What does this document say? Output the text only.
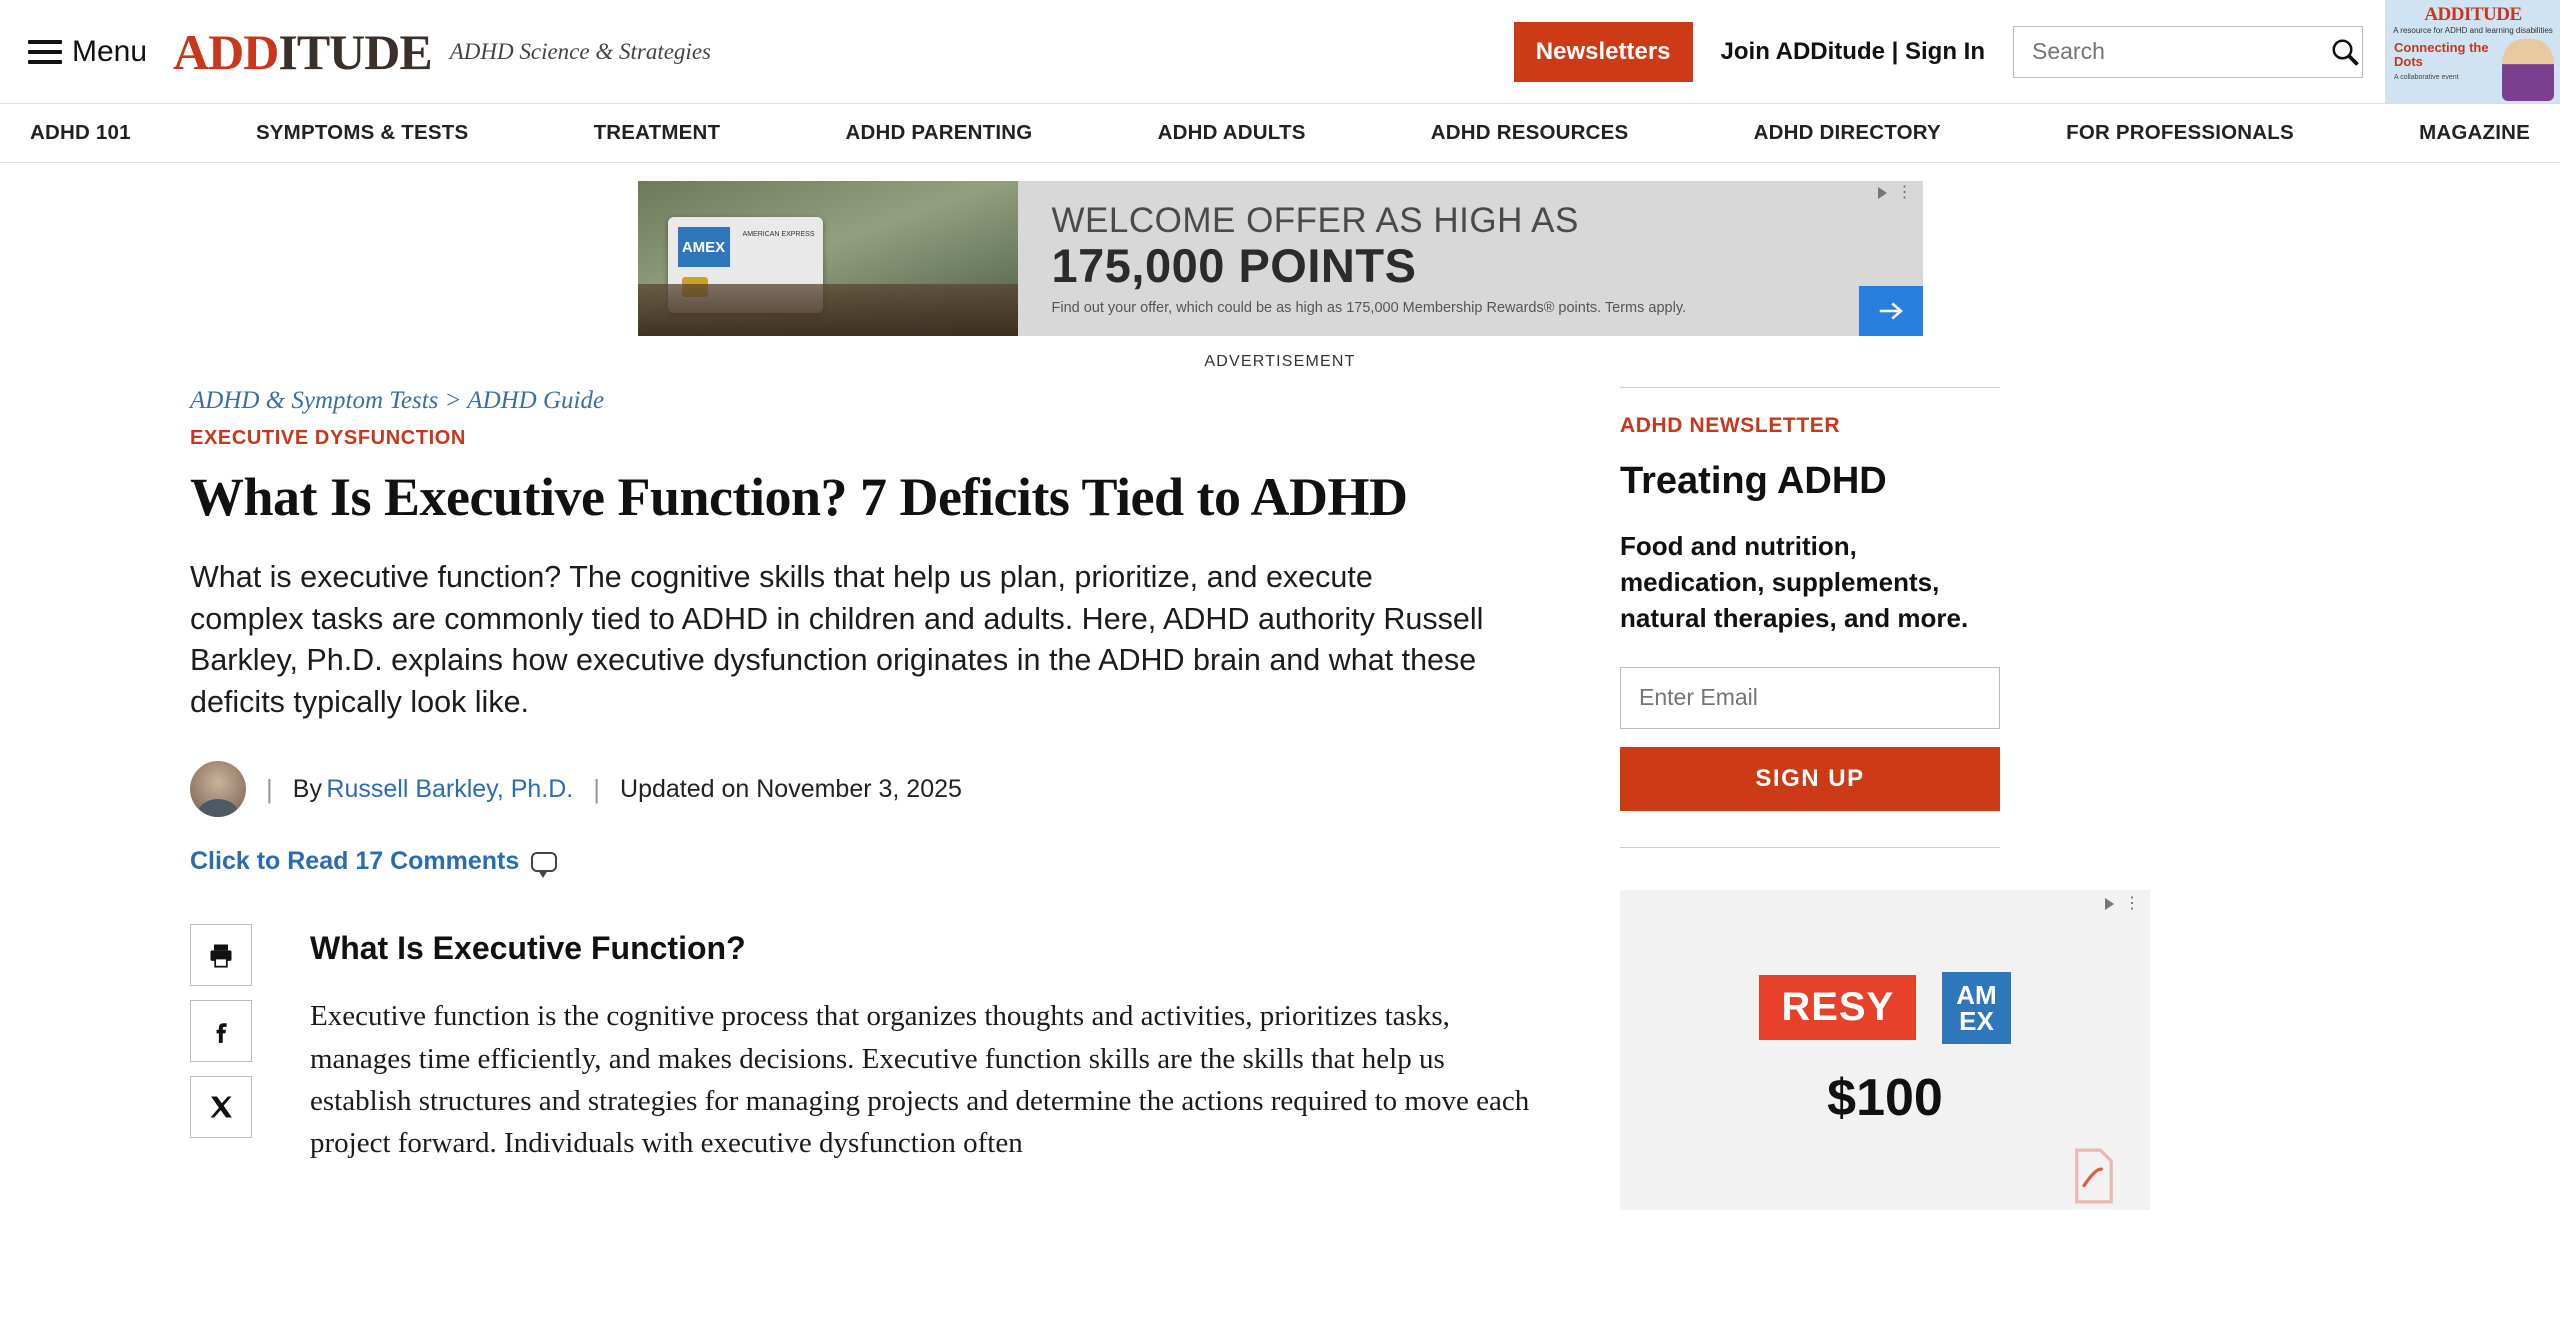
Menu ADDITUDE ADHD Science & Strategies	Newsletters	Join ADDitude | Sign In
Search
ADDITUDE
A resource for ADHD and learning disabilities
Connecting the Dots
A collaborative event
ADHD 101	SYMPTOMS & TESTS	TREATMENT	ADHD PARENTING	ADHD ADULTS	ADHD RESOURCES	ADHD DIRECTORY	FOR PROFESSIONALS	MAGAZINE
AMEX
AMERICAN EXPRESS	WELCOME OFFER AS HIGH AS
175,000 POINTS
Find out your offer, which could be as high as 175,000 Membership Rewards® points. Terms apply.
⋮
ADVERTISEMENT
ADHD & Symptom Tests > ADHD Guide
EXECUTIVE DYSFUNCTION
What Is Executive Function? 7 Deficits Tied to ADHD
What is executive function? The cognitive skills that help us plan, prioritize, and execute complex tasks are commonly tied to ADHD in children and adults. Here, ADHD authority Russell Barkley, Ph.D. explains how executive dysfunction originates in the ADHD brain and what these deficits typically look like.
| By
Russell Barkley, Ph.D. | Updated on November 3, 2025
Click to Read 17 Comments
What Is Executive Function?

Executive function is the cognitive process that organizes thoughts and activities, prioritizes tasks, manages time efficiently, and makes decisions. Executive function skills are the skills that help us establish structures and strategies for managing projects and determine the actions required to move each project forward. Individuals with executive dysfunction often

ADHD NEWSLETTER
Treating ADHD
Food and nutrition, medication, supplements, natural therapies, and more.
Enter Email SIGN UP
⋮
RESY	AM
EX
$100
